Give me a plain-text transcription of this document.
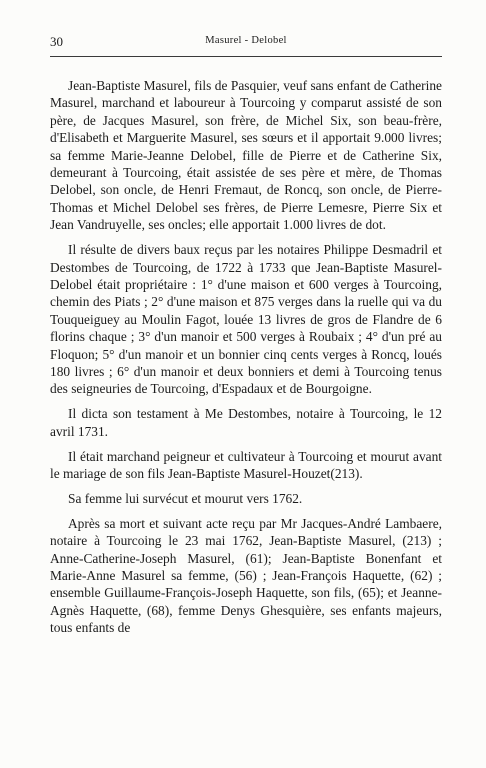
30	Masurel - Delobel

Jean-Baptiste Masurel, fils de Pasquier, veuf sans enfant de Catherine Masurel, marchand et laboureur à Tourcoing y comparut assisté de son père, de Jacques Masurel, son frère, de Michel Six, son beau-frère, d'Elisabeth et Marguerite Masurel, ses sœurs et il apportait 9.000 livres; sa femme Marie-Jeanne Delobel, fille de Pierre et de Catherine Six, demeurant à Tourcoing, était assistée de ses père et mère, de Thomas Delobel, son oncle, de Henri Fremaut, de Roncq, son oncle, de Pierre-Thomas et Michel Delobel ses frères, de Pierre Lemesre, Pierre Six et Jean Vandruyelle, ses oncles; elle apportait 1.000 livres de dot.

Il résulte de divers baux reçus par les notaires Philippe Desmadril et Destombes de Tourcoing, de 1722 à 1733 que Jean-Baptiste Masurel-Delobel était propriétaire : 1° d'une maison et 600 verges à Tourcoing, chemin des Piats ; 2° d'une maison et 875 verges dans la ruelle qui va du Touqueiguey au Moulin Fagot, louée 13 livres de gros de Flandre de 6 florins chaque ; 3° d'un manoir et 500 verges à Roubaix ; 4° d'un pré au Floquon; 5° d'un manoir et un bonnier cinq cents verges à Roncq, loués 180 livres ; 6° d'un manoir et deux bonniers et demi à Tourcoing tenus des seigneuries de Tourcoing, d'Espadaux et de Bourgoigne.

Il dicta son testament à Me Destombes, notaire à Tourcoing, le 12 avril 1731.

Il était marchand peigneur et cultivateur à Tourcoing et mourut avant le mariage de son fils Jean-Baptiste Masurel-Houzet(213).

Sa femme lui survécut et mourut vers 1762.

Après sa mort et suivant acte reçu par Mr Jacques-André Lambaere, notaire à Tourcoing le 23 mai 1762, Jean-Baptiste Masurel, (213) ; Anne-Catherine-Joseph Masurel, (61); Jean-Baptiste Bonenfant et Marie-Anne Masurel sa femme, (56) ; Jean-François Haquette, (62) ; ensemble Guillaume-François-Joseph Haquette, son fils, (65); et Jeanne-Agnès Haquette, (68), femme Denys Ghesquière, ses enfants majeurs, tous enfants de
